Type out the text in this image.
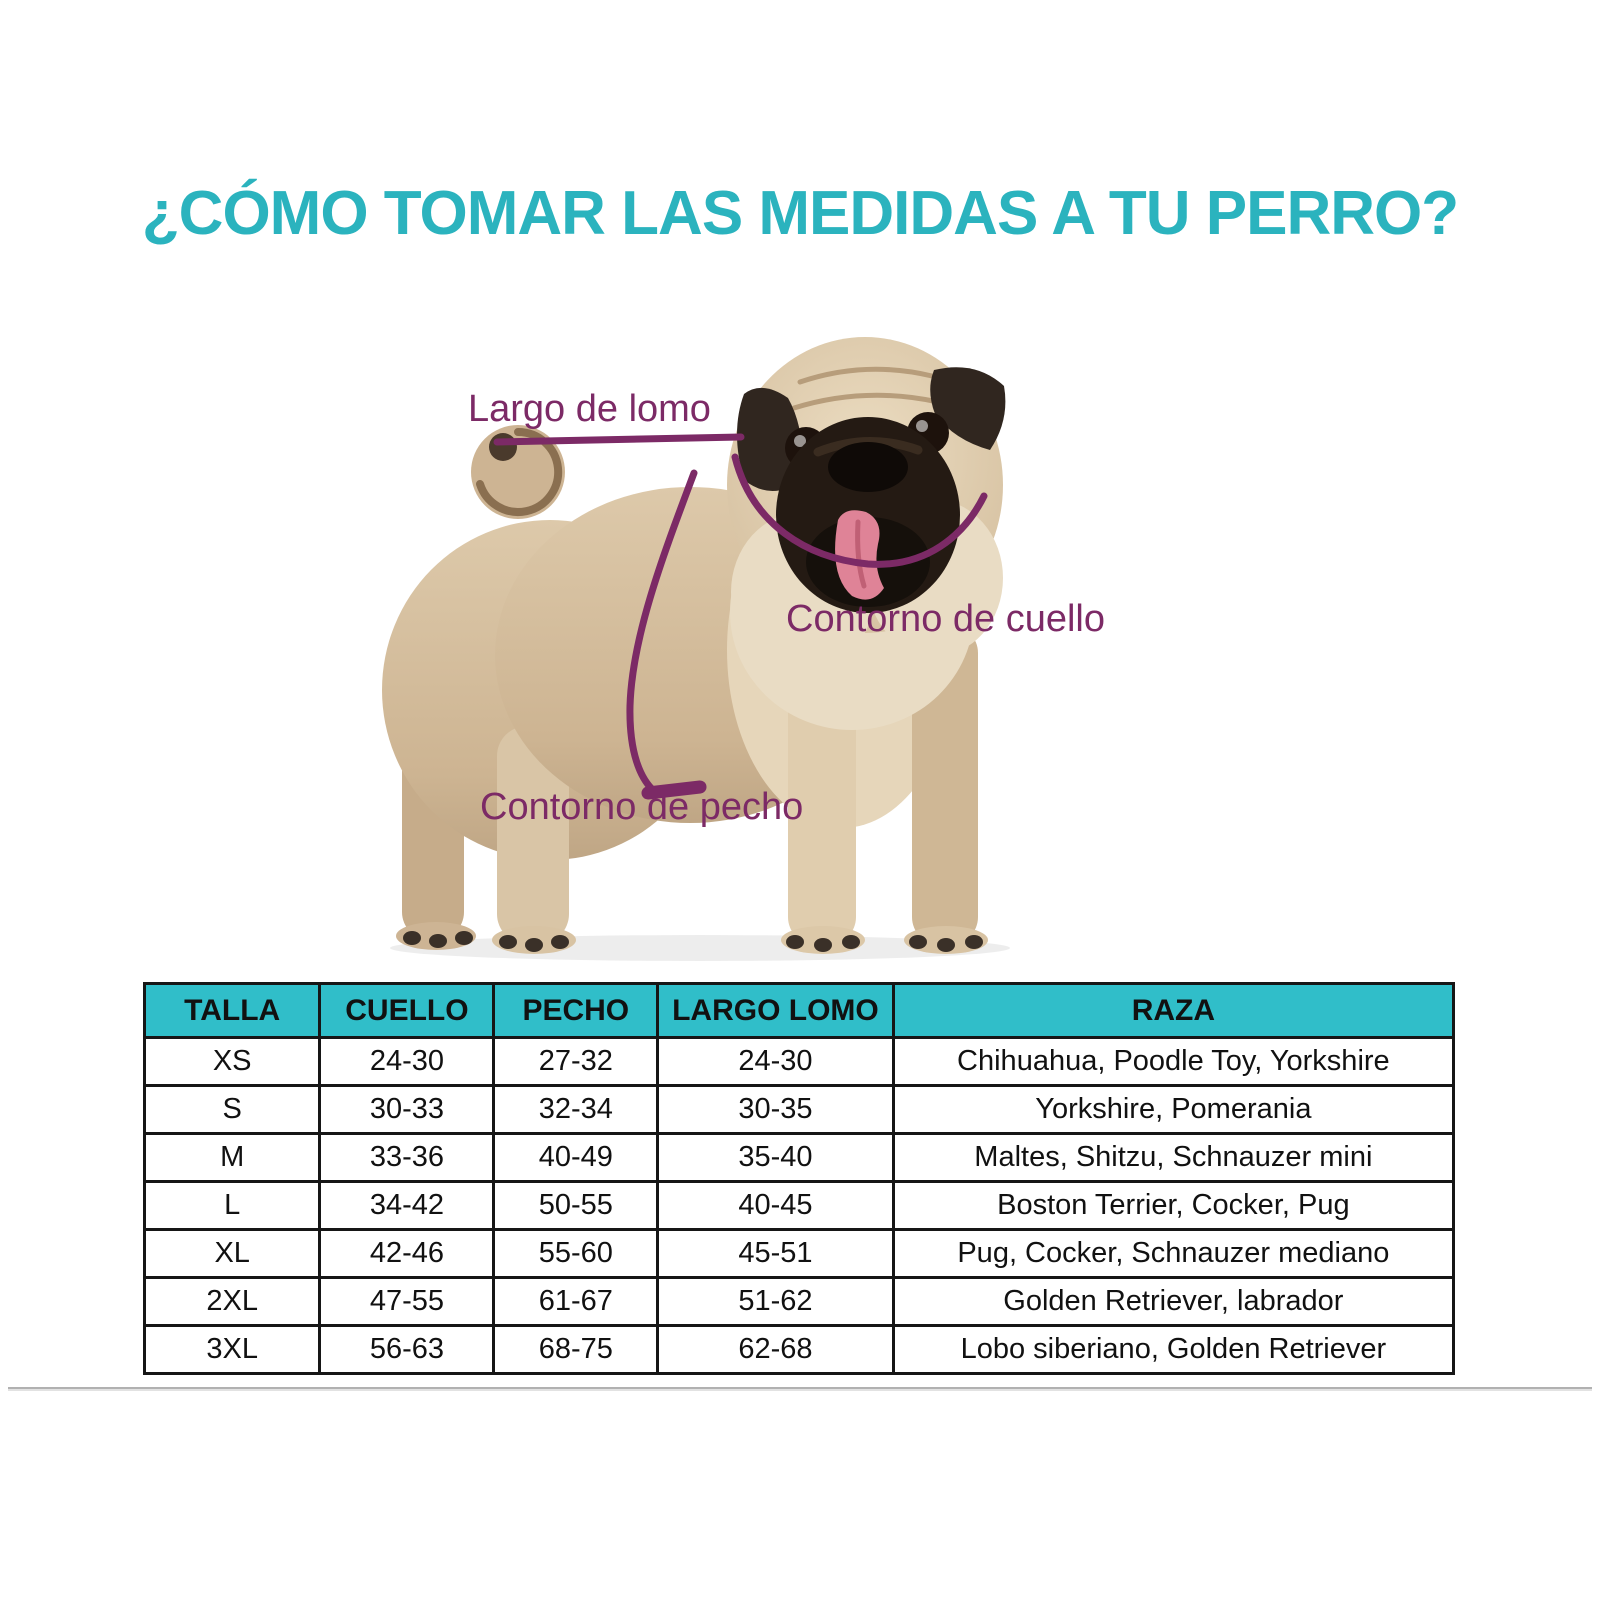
¿CÓMO TOMAR LAS MEDIDAS A TU PERRO?
Largo de lomo
Contorno de cuello
Contorno de pecho
TALLA	CUELLO	PECHO	LARGO LOMO	RAZA
XS	24-30	27-32	24-30	Chihuahua, Poodle Toy, Yorkshire
S	30-33	32-34	30-35	Yorkshire, Pomerania
M	33-36	40-49	35-40	Maltes, Shitzu, Schnauzer mini
L	34-42	50-55	40-45	Boston Terrier, Cocker, Pug
XL	42-46	55-60	45-51	Pug, Cocker, Schnauzer mediano
2XL	47-55	61-67	51-62	Golden Retriever, labrador
3XL	56-63	68-75	62-68	Lobo siberiano, Golden Retriever
